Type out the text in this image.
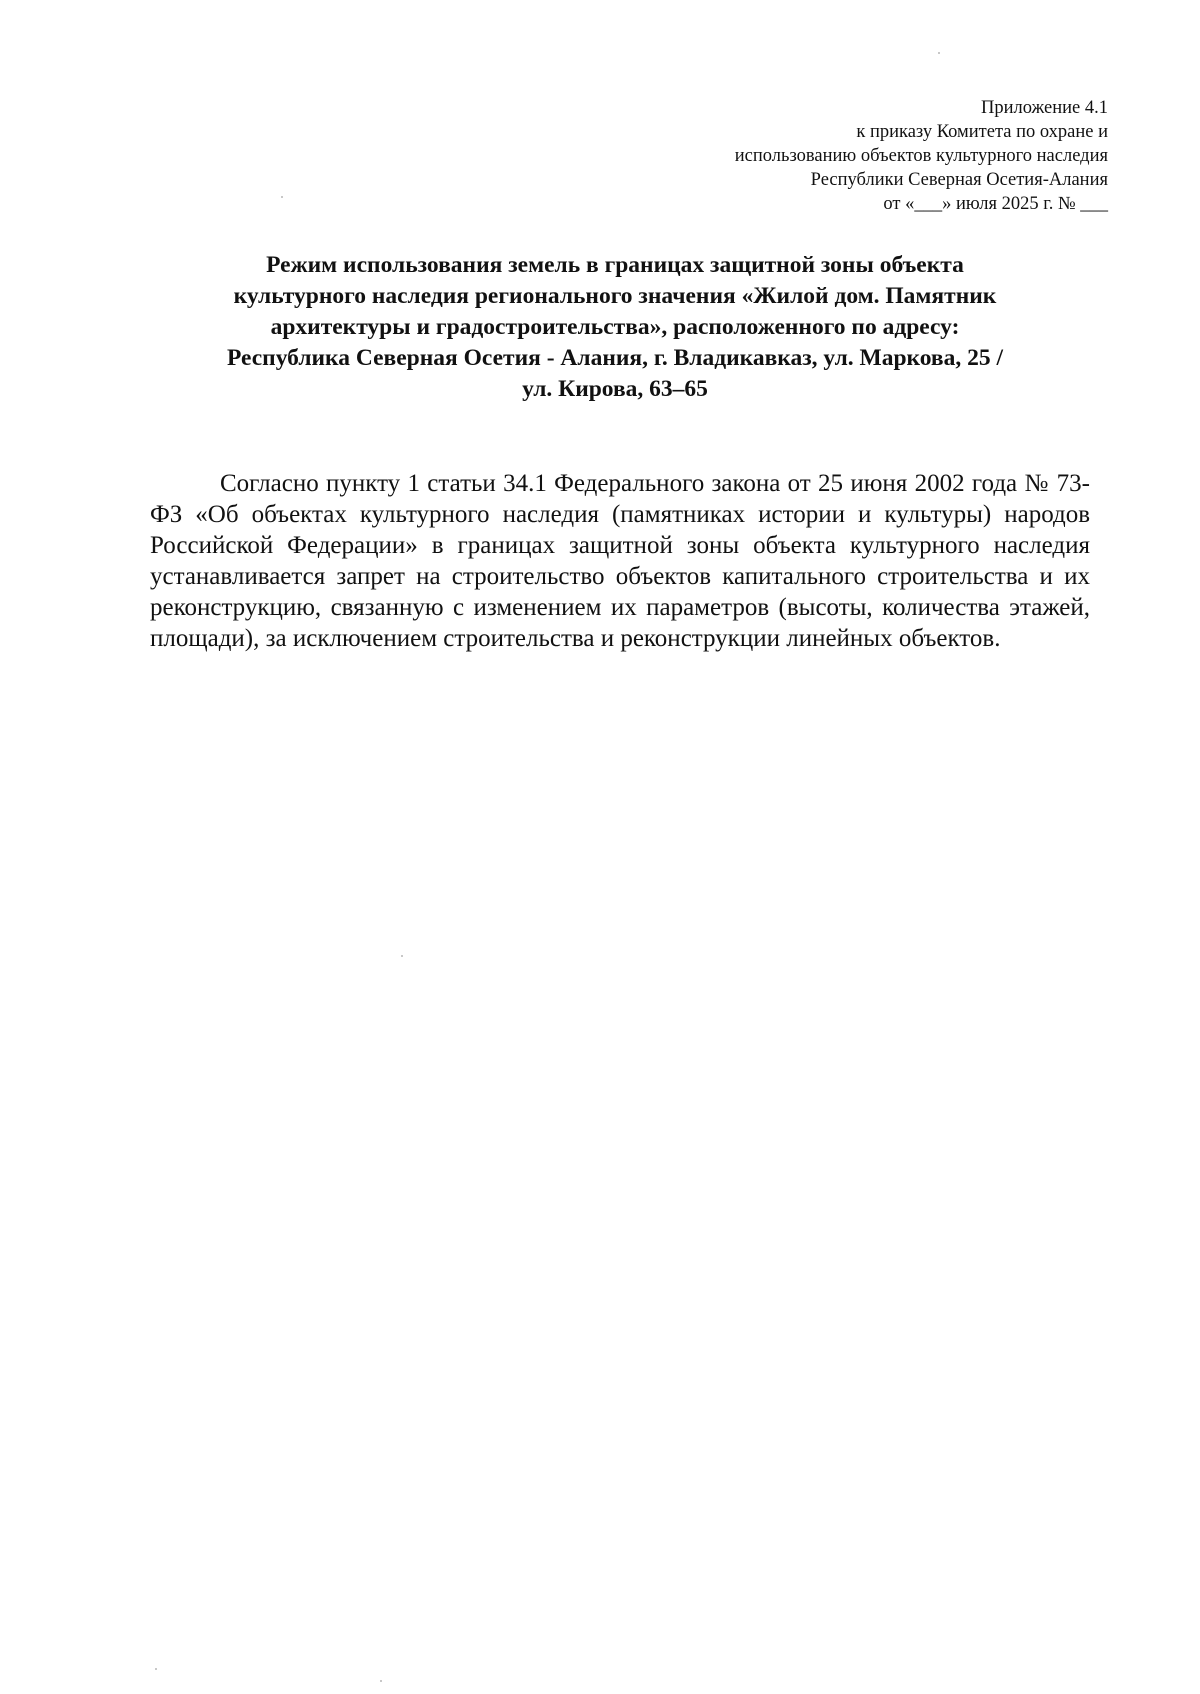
Приложение 4.1
к приказу Комитета по охране и
использованию объектов культурного наследия
Республики Северная Осетия-Алания
от «___» июля 2025 г. № ___
Режим использования земель в границах защитной зоны объекта
культурного наследия регионального значения «Жилой дом. Памятник
архитектуры и градостроительства», расположенного по адресу:
Республика Северная Осетия - Алания, г. Владикавказ, ул. Маркова, 25 /
ул. Кирова, 63–65

Согласно пункту 1 статьи 34.1 Федерального закона от 25 июня 2002 года № 73-ФЗ «Об объектах культурного наследия (памятниках истории и культуры) народов Российской Федерации» в границах защитной зоны объекта культурного наследия устанавливается запрет на строительство объектов капитального строительства и их реконструкцию, связанную с изменением их параметров (высоты, количества этажей, площади), за исключением строительства и реконструкции линейных объектов.
